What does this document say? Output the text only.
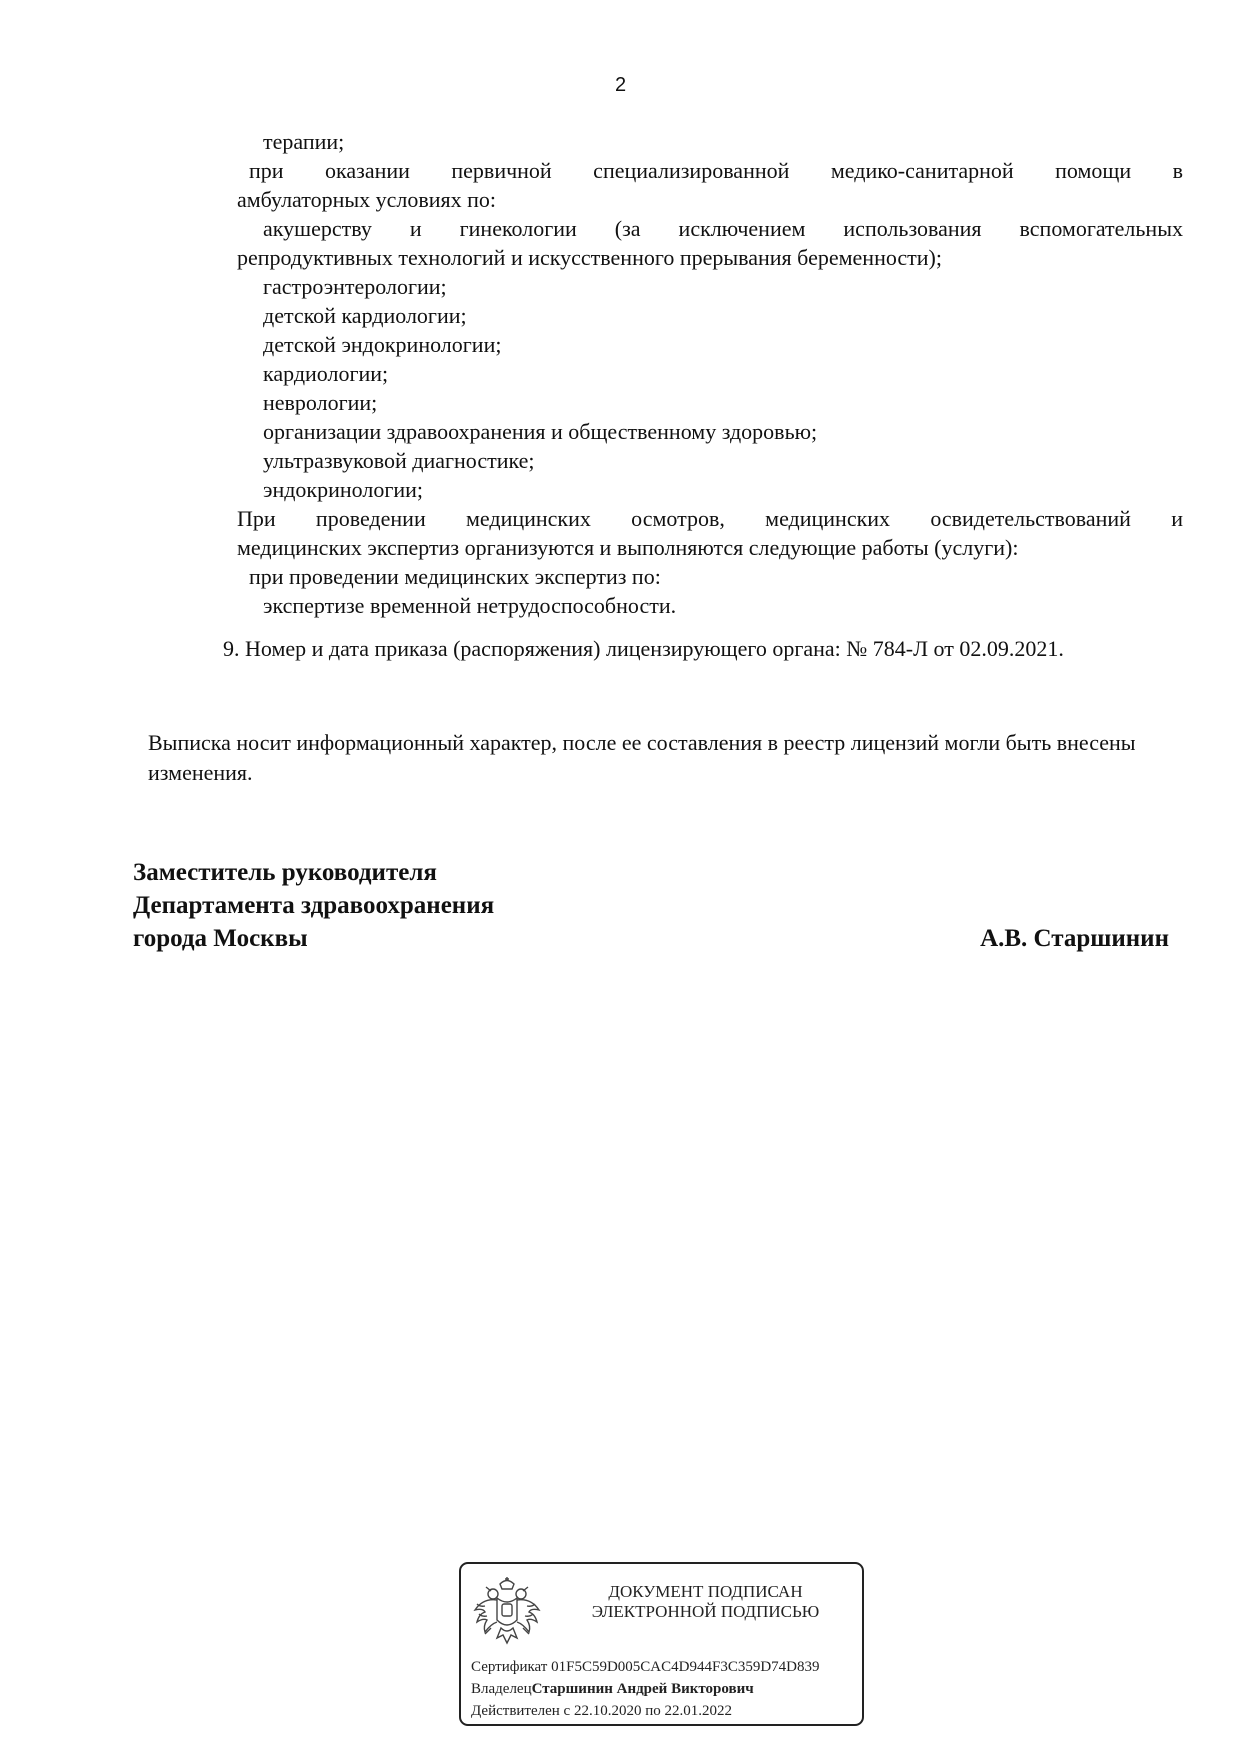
2
терапии;
при оказании первичной специализированной медико-санитарной помощи в
амбулаторных условиях по:
акушерству и гинекологии (за исключением использования вспомогательных
репродуктивных технологий и искусственного прерывания беременности);
гастроэнтерологии;
детской кардиологии;
детской эндокринологии;
кардиологии;
неврологии;
организации здравоохранения и общественному здоровью;
ультразвуковой диагностике;
эндокринологии;
При проведении медицинских осмотров, медицинских освидетельствований и
медицинских экспертиз организуются и выполняются следующие работы (услуги):
при проведении медицинских экспертиз по:
экспертизе временной нетрудоспособности.
9. Номер и дата приказа (распоряжения) лицензирующего органа: № 784-Л от 02.09.2021.
Выписка носит информационный характер, после ее составления в реестр лицензий могли быть внесены изменения.
Заместитель руководителя
Департамента здравоохранения
города Москвы	А.В. Старшинин
ДОКУМЕНТ ПОДПИСАН
ЭЛЕКТРОННОЙ ПОДПИСЬЮ
Сертификат 01F5C59D005CAC4D944F3C359D74D839
ВладелецСтаршинин Андрей Викторович
Действителен с 22.10.2020 по 22.01.2022
